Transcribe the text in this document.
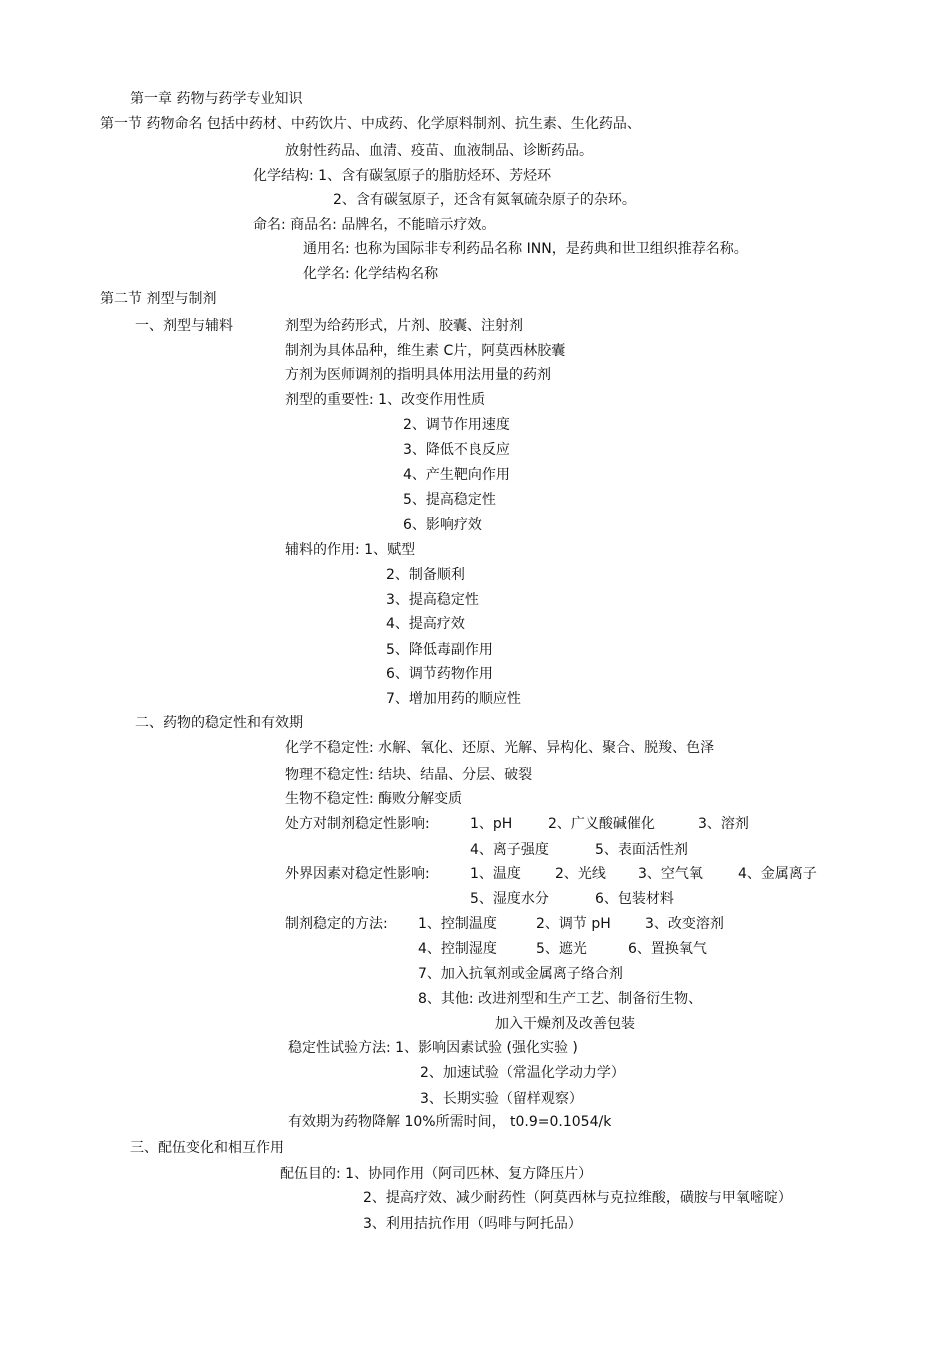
第一章 药物与药学专业知识
第一节 药物命名 包括中药材、中药饮片、中成药、化学原料制剂、抗生素、生化药品、
放射性药品、血清、疫苗、血液制品、诊断药品。
化学结构: 1、含有碳氢原子的脂肪烃环、芳烃环
2、含有碳氢原子，还含有氮氧硫杂原子的杂环。
命名: 商品名: 品牌名，不能暗示疗效。
通用名: 也称为国际非专利药品名称 INN，是药典和世卫组织推荐名称。
化学名: 化学结构名称
第二节 剂型与制剂
一、剂型与辅料	剂型为给药形式，片剂、胶囊、注射剂
制剂为具体品种，维生素 C片，阿莫西林胶囊
方剂为医师调剂的指明具体用法用量的药剂
剂型的重要性: 1、改变作用性质
2、调节作用速度
3、降低不良反应
4、产生靶向作用
5、提高稳定性
6、影响疗效
辅料的作用: 1、赋型
2、制备顺利
3、提高稳定性
4、提高疗效
5、降低毒副作用
6、调节药物作用
7、增加用药的顺应性
二、药物的稳定性和有效期
化学不稳定性: 水解、氧化、还原、光解、异构化、聚合、脱羧、色泽
物理不稳定性: 结块、结晶、分层、破裂
生物不稳定性: 酶败分解变质
处方对制剂稳定性影响:	1、pH	2、广义酸碱催化	3、溶剂
4、离子强度	5、表面活性剂
外界因素对稳定性影响:	1、温度 2、光线 3、空气氧	4、金属离子
5、湿度水分	6、包装材料
制剂稳定的方法: 1、控制温度	2、调节 pH 3、改变溶剂
4、控制湿度	5、遮光	6、置换氧气
7、加入抗氧剂或金属离子络合剂
8、其他: 改进剂型和生产工艺、制备衍生物、
加入干燥剂及改善包装
稳定性试验方法: 1、影响因素试验 (强化实验 )
2、加速试验（常温化学动力学）
3、长期实验（留样观察）
有效期为药物降解 10%所需时间， t0.9=0.1054/k
三、配伍变化和相互作用
配伍目的: 1、协同作用（阿司匹林、复方降压片）
2、提高疗效、减少耐药性（阿莫西林与克拉维酸，磺胺与甲氧嘧啶）
3、利用拮抗作用（吗啡与阿托品）
